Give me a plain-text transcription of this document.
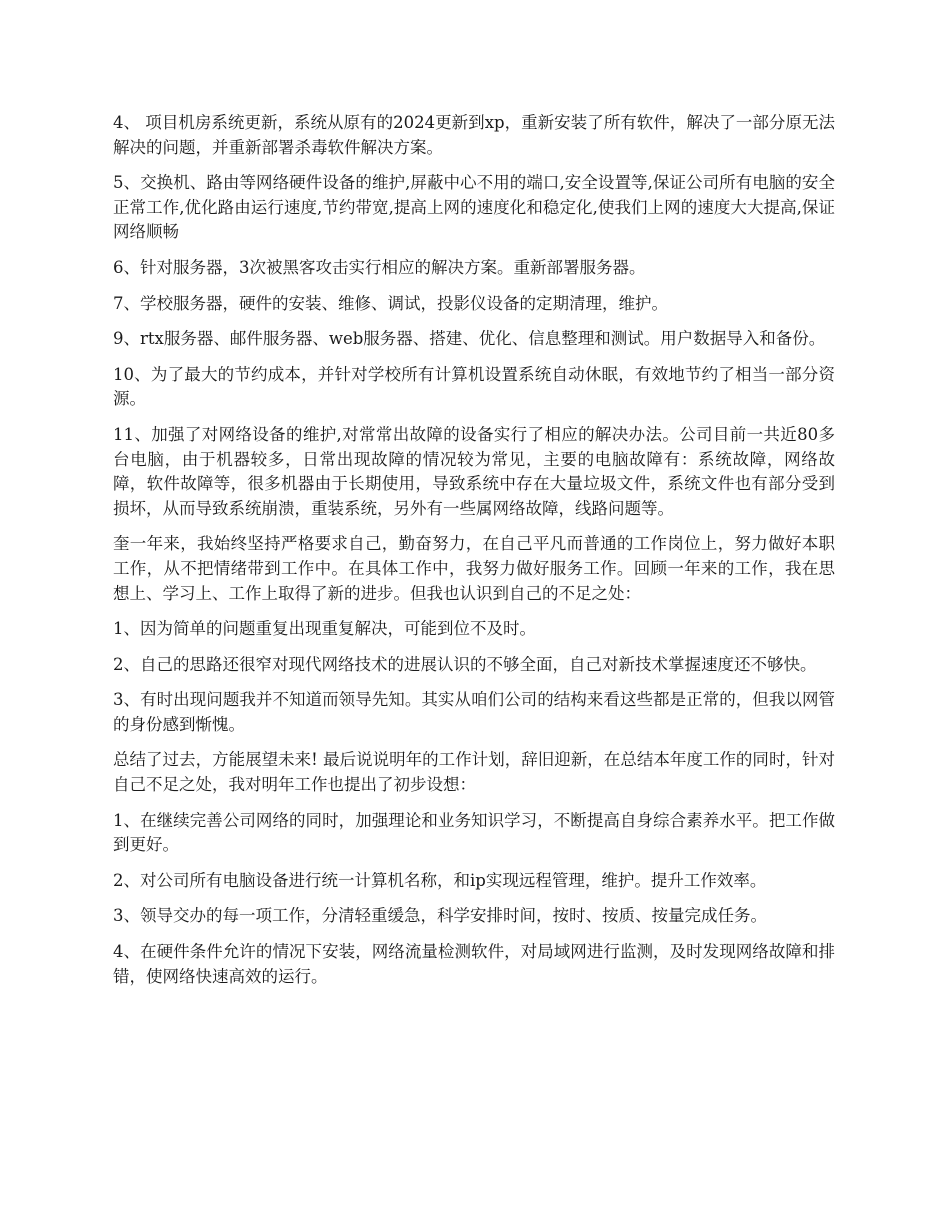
4、 项目机房系统更新，系统从原有的2024更新到xp，重新安装了所有软件，解决了一部分原无法解决的问题，并重新部署杀毒软件解决方案。

5、交换机、路由等网络硬件设备的维护,屏蔽中心不用的端口,安全设置等,保证公司所有电脑的安全正常工作,优化路由运行速度,节约带宽,提高上网的速度化和稳定化,使我们上网的速度大大提高,保证网络顺畅

6、针对服务器，3次被黑客攻击实行相应的解决方案。重新部署服务器。

7、学校服务器，硬件的安装、维修、调试，投影仪设备的定期清理，维护。

9、rtx服务器、邮件服务器、web服务器、搭建、优化、信息整理和测试。用户数据导入和备份。

10、为了最大的节约成本，并针对学校所有计算机设置系统自动休眠，有效地节约了相当一部分资源。

11、加强了对网络设备的维护,对常常出故障的设备实行了相应的解决办法。公司目前一共近80多台电脑，由于机器较多，日常出现故障的情况较为常见，主要的电脑故障有：系统故障，网络故障，软件故障等，很多机器由于长期使用，导致系统中存在大量垃圾文件，系统文件也有部分受到损坏，从而导致系统崩溃，重装系统，另外有一些属网络故障，线路问题等。

奎一年来，我始终坚持严格要求自己，勤奋努力，在自己平凡而普通的工作岗位上，努力做好本职工作，从不把情绪带到工作中。在具体工作中，我努力做好服务工作。回顾一年来的工作，我在思想上、学习上、工作上取得了新的进步。但我也认识到自己的不足之处：

1、因为简单的问题重复出现重复解决，可能到位不及时。

2、自己的思路还很窄对现代网络技术的进展认识的不够全面，自己对新技术掌握速度还不够快。

3、有时出现问题我并不知道而领导先知。其实从咱们公司的结构来看这些都是正常的，但我以网管的身份感到惭愧。

总结了过去，方能展望未来! 最后说说明年的工作计划，辞旧迎新，在总结本年度工作的同时，针对自己不足之处，我对明年工作也提出了初步设想：

1、在继续完善公司网络的同时，加强理论和业务知识学习，不断提高自身综合素养水平。把工作做到更好。

2、对公司所有电脑设备进行统一计算机名称，和ip实现远程管理，维护。提升工作效率。

3、领导交办的每一项工作，分清轻重缓急，科学安排时间，按时、按质、按量完成任务。

4、在硬件条件允许的情况下安装，网络流量检测软件，对局域网进行监测，及时发现网络故障和排错，使网络快速高效的运行。
